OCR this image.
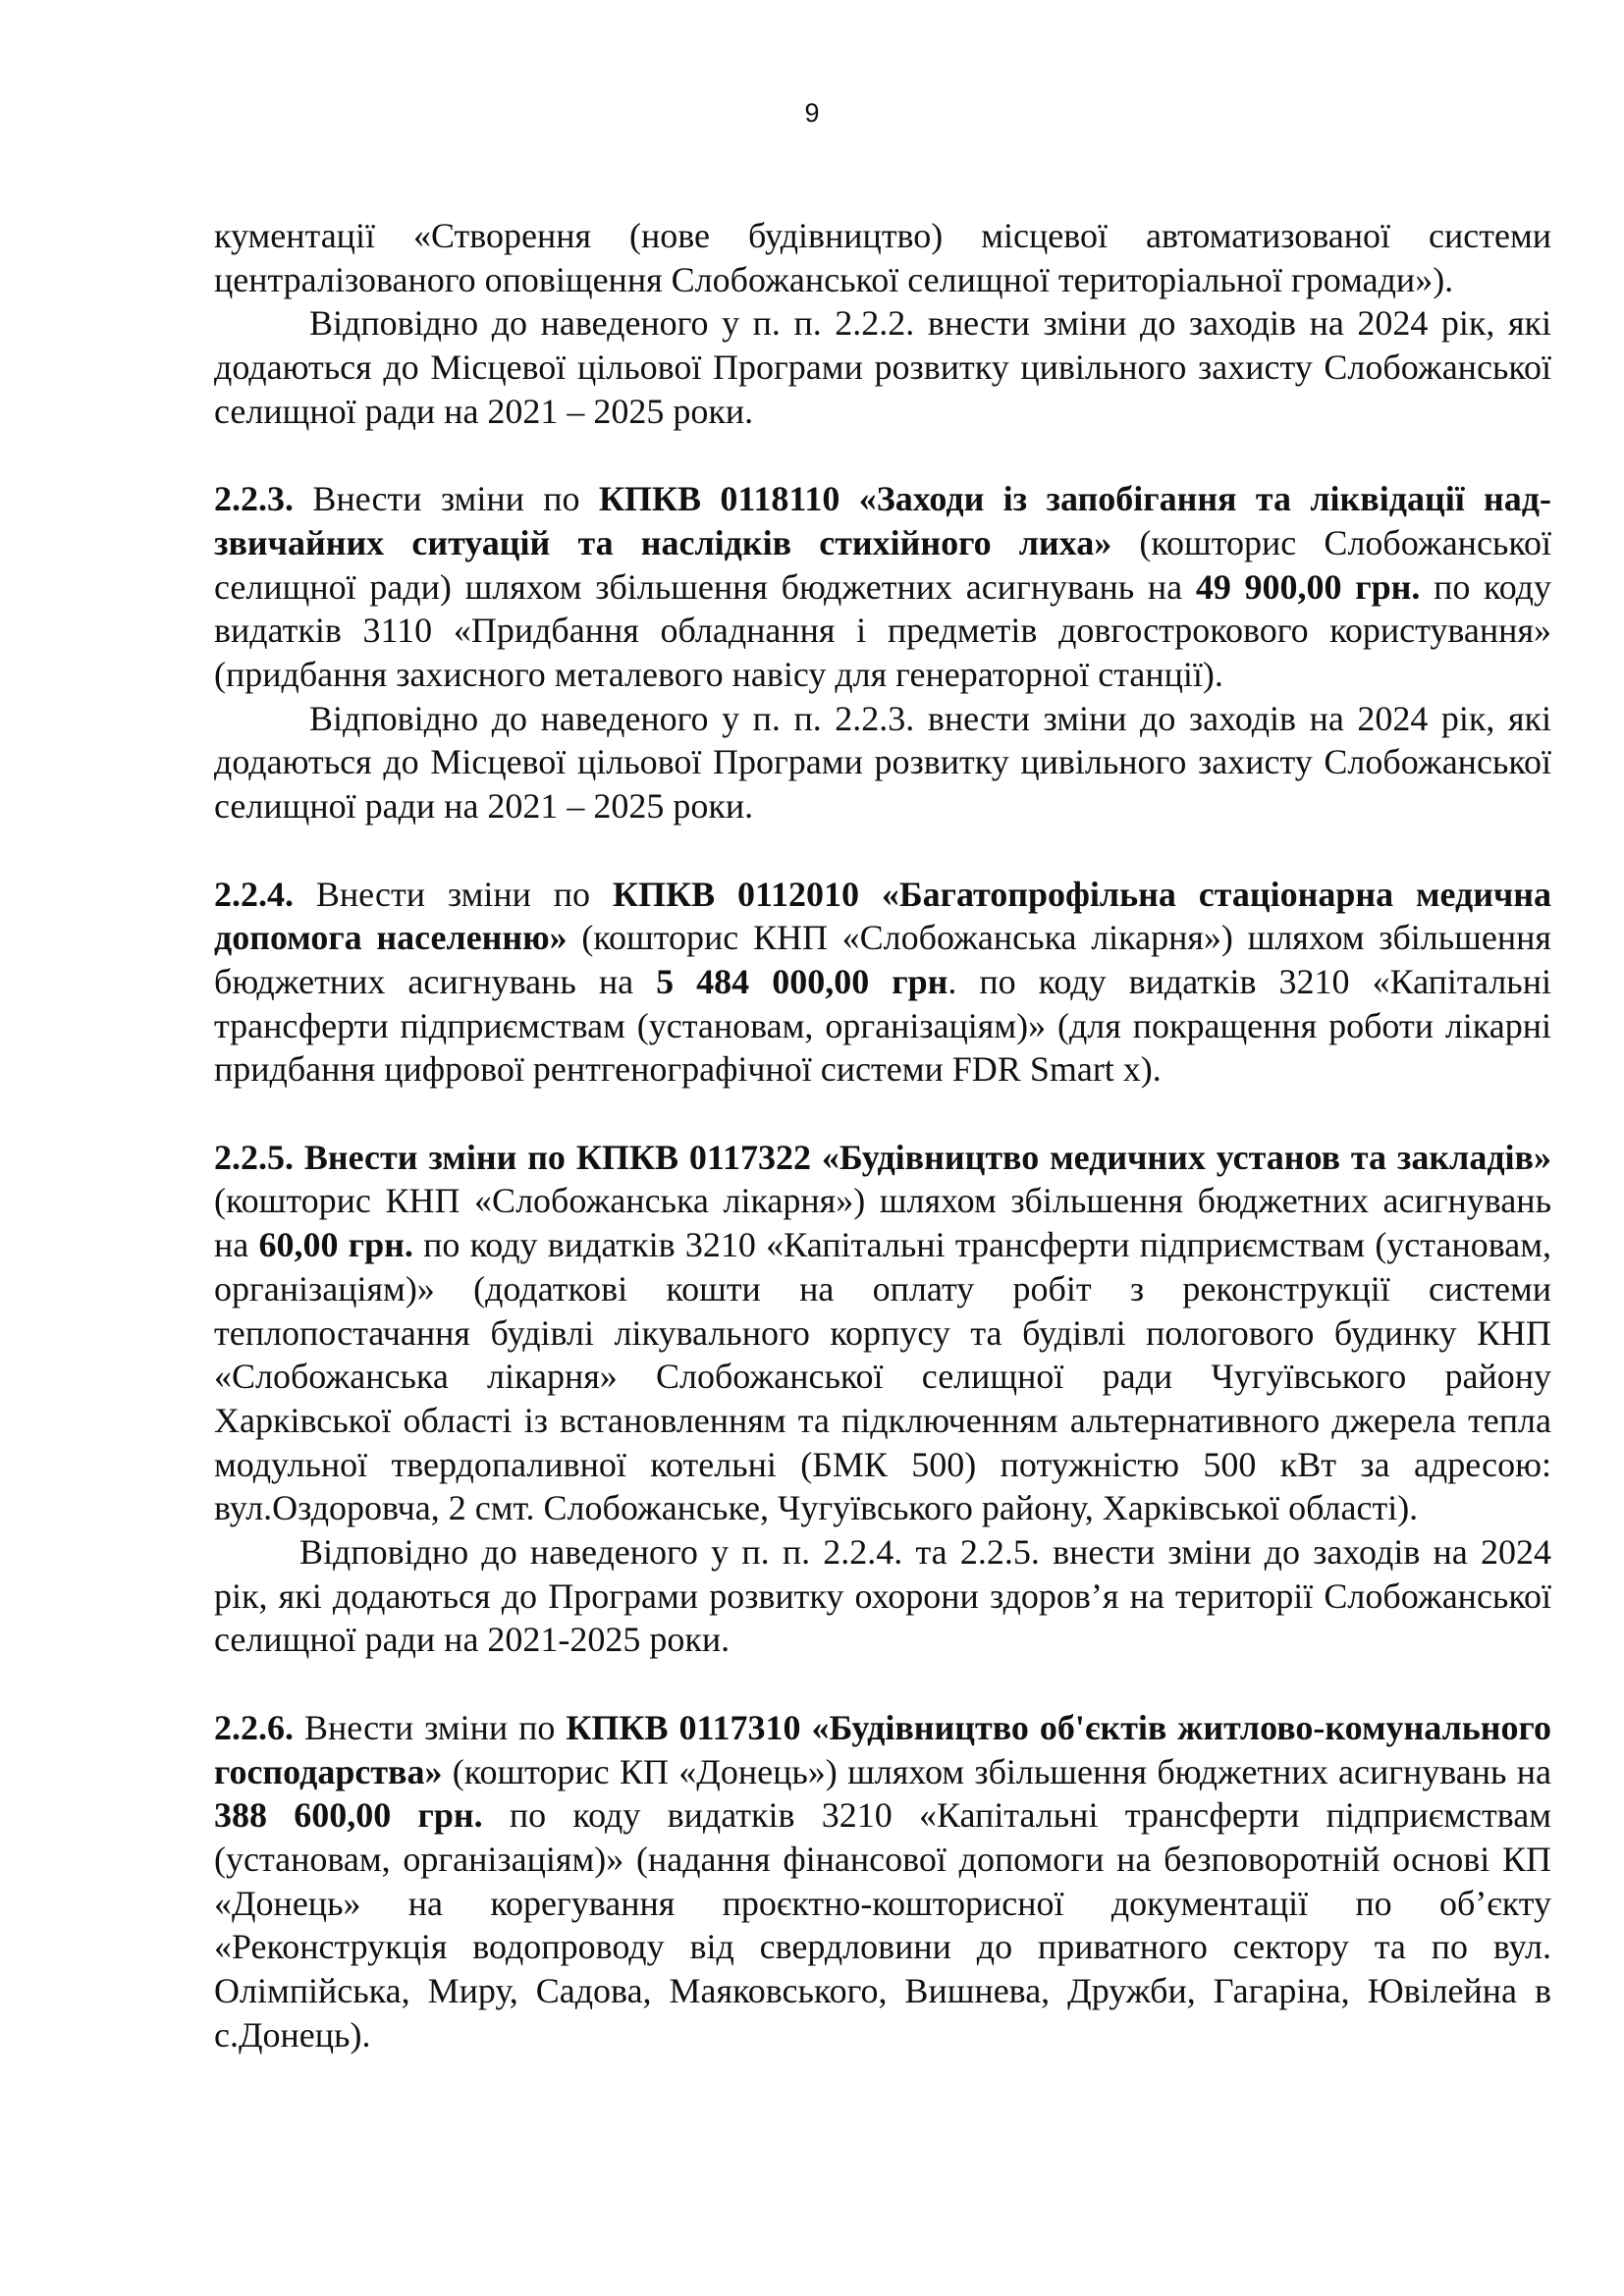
9

кументації «Створення (нове будівництво) місцевої автоматизованої системи централізованого оповіщення Слобожанської селищної територіальної громади»).

Відповідно до наведеного у п. п. 2.2.2. внести зміни до заходів на 2024 рік, які додаються до Місцевої цільової Програми розвитку цивільного захисту Слобожанської селищної ради на 2021 – 2025 роки.

2.2.3. Внести зміни по КПКВ 0118110 «Заходи із запобігання та ліквідації надзвичайних ситуацій та наслідків стихійного лиха» (кошторис Слобожанської селищної ради) шляхом збільшення бюджетних асигнувань на 49 900,00 грн. по коду видатків 3110 «Придбання обладнання і предметів довгострокового користування» (придбання захисного металевого навісу для генераторної станції).

Відповідно до наведеного у п. п. 2.2.3. внести зміни до заходів на 2024 рік, які додаються до Місцевої цільової Програми розвитку цивільного захисту Слобожанської селищної ради на 2021 – 2025 роки.

2.2.4. Внести зміни по КПКВ 0112010 «Багатопрофільна стаціонарна медична допомога населенню» (кошторис КНП «Слобожанська лікарня») шляхом збільшення бюджетних асигнувань на 5 484 000,00 грн. по коду видатків 3210 «Капітальні трансферти підприємствам (установам, організаціям)» (для покращення роботи лікарні придбання цифрової рентгенографічної системи FDR Smart x).

2.2.5. Внести зміни по КПКВ 0117322 «Будівництво медичних установ та закладів» (кошторис КНП «Слобожанська лікарня») шляхом збільшення бюджетних асигнувань на 60,00 грн. по коду видатків 3210 «Капітальні трансферти підприємствам (установам, організаціям)» (додаткові кошти на оплату робіт з реконструкції системи теплопостачання будівлі лікувального корпусу та будівлі пологового будинку КНП «Слобожанська лікарня» Слобожанської селищної ради Чугуївського району Харківської області із встановленням та підключенням альтернативного джерела тепла модульної твердопаливної котельні (БМК 500) потужністю 500 кВт за адресою: вул.Оздоровча, 2 смт. Слобожанське, Чугуївського району, Харківської області).

Відповідно до наведеного у п. п. 2.2.4. та 2.2.5. внести зміни до заходів на 2024 рік, які додаються до Програми розвитку охорони здоров’я на території Слобожанської селищної ради на 2021-2025 роки.

2.2.6. Внести зміни по КПКВ 0117310 «Будівництво об'єктів житлово-комунального господарства» (кошторис КП «Донець») шляхом збільшення бюджетних асигнувань на 388 600,00 грн. по коду видатків 3210 «Капітальні трансферти підприємствам (установам, організаціям)» (надання фінансової допомоги на безповоротній основі КП «Донець» на корегування проєктно-кошторисної документації по об’єкту «Реконструкція водопроводу від свердловини до приватного сектору та по вул. Олімпійська, Миру, Садова, Маяковського, Вишнева, Дружби, Гагаріна, Ювілейна в с.Донець).
